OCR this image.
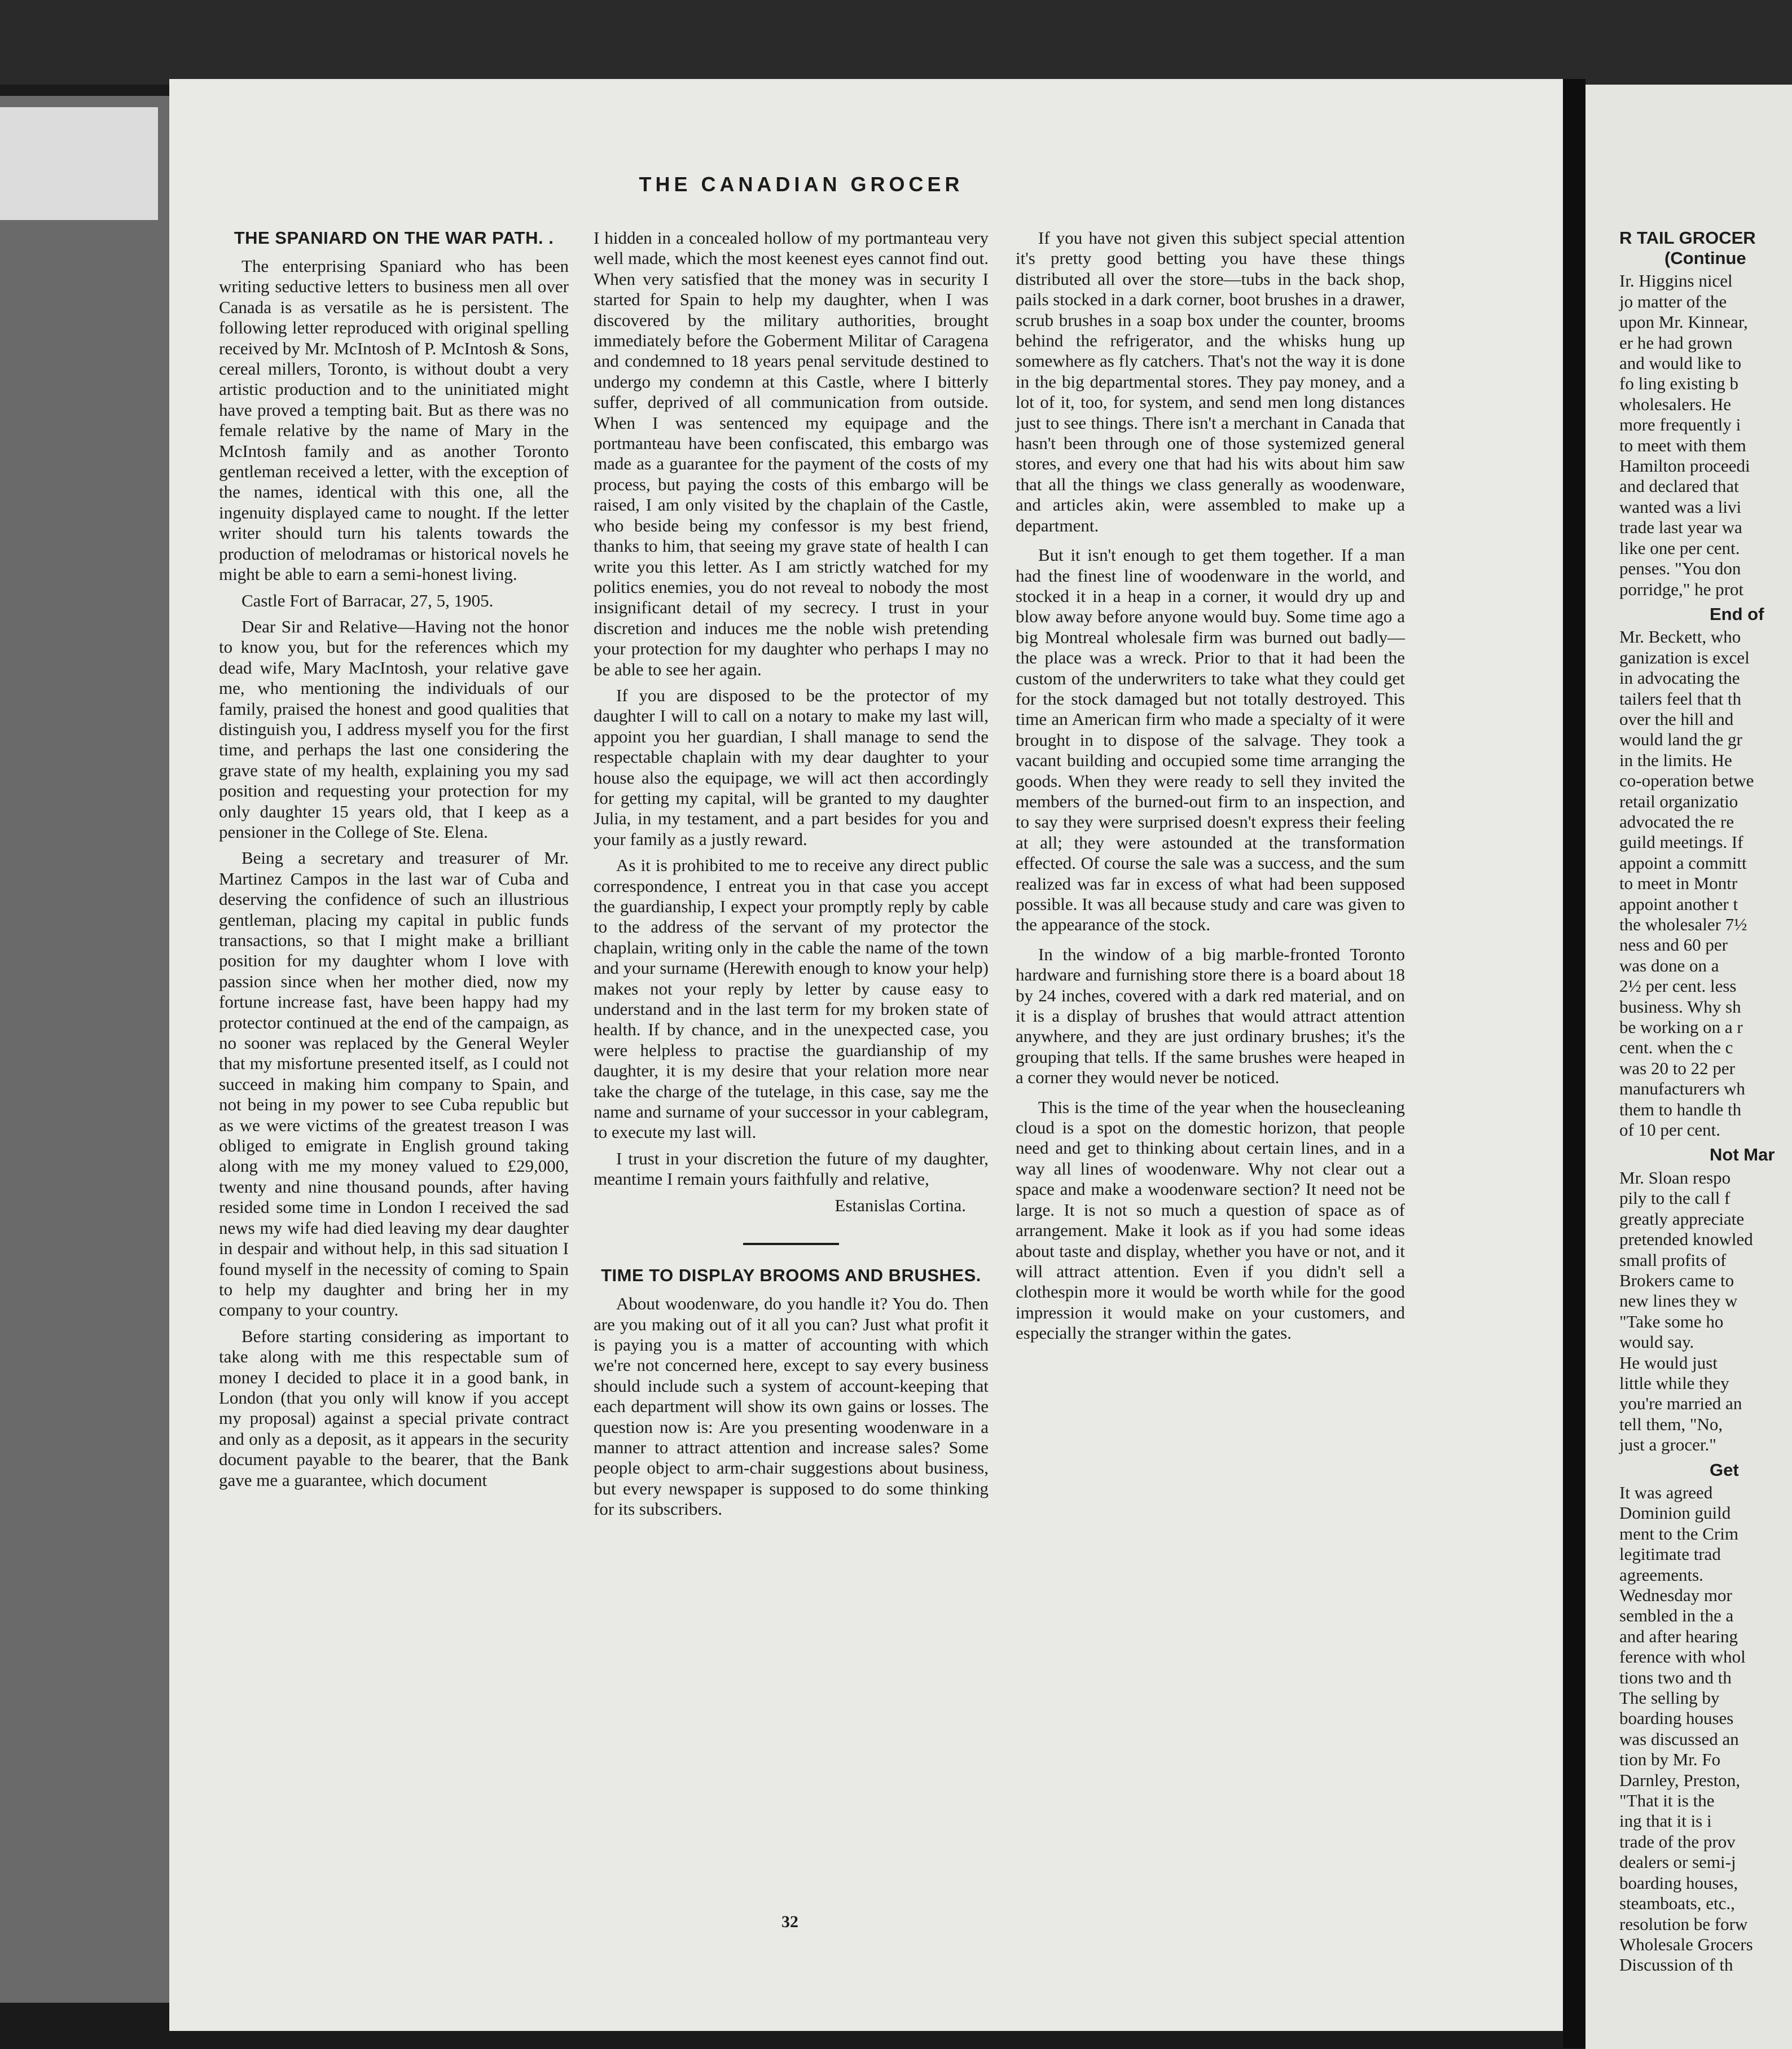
THE CANADIAN GROCER
THE SPANIARD ON THE WAR PATH. .

The enterprising Spaniard who has been writing seductive letters to business men all over Canada is as versatile as he is persistent. The following letter reproduced with original spelling received by Mr. McIntosh of P. McIntosh & Sons, cereal millers, Toronto, is without doubt a very artistic production and to the uninitiated might have proved a tempting bait. But as there was no female relative by the name of Mary in the McIntosh family and as another Toronto gentleman received a letter, with the exception of the names, identical with this one, all the ingenuity displayed came to nought. If the letter writer should turn his talents towards the production of melodramas or historical novels he might be able to earn a semi-honest living.

Castle Fort of Barracar, 27, 5, 1905.

Dear Sir and Relative—Having not the honor to know you, but for the references which my dead wife, Mary MacIntosh, your relative gave me, who mentioning the individuals of our family, praised the honest and good qualities that distinguish you, I address myself you for the first time, and perhaps the last one considering the grave state of my health, explaining you my sad position and requesting your protection for my only daughter 15 years old, that I keep as a pensioner in the College of Ste. Elena.

Being a secretary and treasurer of Mr. Martinez Campos in the last war of Cuba and deserving the confidence of such an illustrious gentleman, placing my capital in public funds transactions, so that I might make a brilliant position for my daughter whom I love with passion since when her mother died, now my fortune increase fast, have been happy had my protector continued at the end of the campaign, as no sooner was replaced by the General Weyler that my misfortune presented itself, as I could not succeed in making him company to Spain, and not being in my power to see Cuba republic but as we were victims of the greatest treason I was obliged to emigrate in English ground taking along with me my money valued to £29,000, twenty and nine thousand pounds, after having resided some time in London I received the sad news my wife had died leaving my dear daughter in despair and without help, in this sad situation I found myself in the necessity of coming to Spain to help my daughter and bring her in my company to your country.

Before starting considering as important to take along with me this respectable sum of money I decided to place it in a good bank, in London (that you only will know if you accept my proposal) against a special private contract and only as a deposit, as it appears in the security document payable to the bearer, that the Bank gave me a guarantee, which document

I hidden in a concealed hollow of my portmanteau very well made, which the most keenest eyes cannot find out. When very satisfied that the money was in security I started for Spain to help my daughter, when I was discovered by the military authorities, brought immediately before the Goberment Militar of Caragena and condemned to 18 years penal servitude destined to undergo my condemn at this Castle, where I bitterly suffer, deprived of all communication from outside. When I was sentenced my equipage and the portmanteau have been confiscated, this embargo was made as a guarantee for the payment of the costs of my process, but paying the costs of this embargo will be raised, I am only visited by the chaplain of the Castle, who beside being my confessor is my best friend, thanks to him, that seeing my grave state of health I can write you this letter. As I am strictly watched for my politics enemies, you do not reveal to nobody the most insignificant detail of my secrecy. I trust in your discretion and induces me the noble wish pretending your protection for my daughter who perhaps I may no be able to see her again.

If you are disposed to be the protector of my daughter I will to call on a notary to make my last will, appoint you her guardian, I shall manage to send the respectable chaplain with my dear daughter to your house also the equipage, we will act then accordingly for getting my capital, will be granted to my daughter Julia, in my testament, and a part besides for you and your family as a justly reward.

As it is prohibited to me to receive any direct public correspondence, I entreat you in that case you accept the guardianship, I expect your promptly reply by cable to the address of the servant of my protector the chaplain, writing only in the cable the name of the town and your surname (Herewith enough to know your help) makes not your reply by letter by cause easy to understand and in the last term for my broken state of health. If by chance, and in the unexpected case, you were helpless to practise the guardianship of my daughter, it is my desire that your relation more near take the charge of the tutelage, in this case, say me the name and surname of your successor in your cablegram, to execute my last will.

I trust in your discretion the future of my daughter, meantime I remain yours faithfully and relative,

Estanislas Cortina.

TIME TO DISPLAY BROOMS AND BRUSHES.

About woodenware, do you handle it? You do. Then are you making out of it all you can? Just what profit it is paying you is a matter of accounting with which we're not concerned here, except to say every business should include such a system of account-keeping that each department will show its own gains or losses. The question now is: Are you presenting woodenware in a manner to attract attention and increase sales? Some people object to arm-chair suggestions about business, but every newspaper is supposed to do some thinking for its subscribers.

If you have not given this subject special attention it's pretty good betting you have these things distributed all over the store—tubs in the back shop, pails stocked in a dark corner, boot brushes in a drawer, scrub brushes in a soap box under the counter, brooms behind the refrigerator, and the whisks hung up somewhere as fly catchers. That's not the way it is done in the big departmental stores. They pay money, and a lot of it, too, for system, and send men long distances just to see things. There isn't a merchant in Canada that hasn't been through one of those systemized general stores, and every one that had his wits about him saw that all the things we class generally as woodenware, and articles akin, were assembled to make up a department.

But it isn't enough to get them together. If a man had the finest line of woodenware in the world, and stocked it in a heap in a corner, it would dry up and blow away before anyone would buy. Some time ago a big Montreal wholesale firm was burned out badly—the place was a wreck. Prior to that it had been the custom of the underwriters to take what they could get for the stock damaged but not totally destroyed. This time an American firm who made a specialty of it were brought in to dispose of the salvage. They took a vacant building and occupied some time arranging the goods. When they were ready to sell they invited the members of the burned-out firm to an inspection, and to say they were surprised doesn't express their feeling at all; they were astounded at the transformation effected. Of course the sale was a success, and the sum realized was far in excess of what had been supposed possible. It was all because study and care was given to the appearance of the stock.

In the window of a big marble-fronted Toronto hardware and furnishing store there is a board about 18 by 24 inches, covered with a dark red material, and on it is a display of brushes that would attract attention anywhere, and they are just ordinary brushes; it's the grouping that tells. If the same brushes were heaped in a corner they would never be noticed.

This is the time of the year when the housecleaning cloud is a spot on the domestic horizon, that people need and get to thinking about certain lines, and in a way all lines of woodenware. Why not clear out a space and make a woodenware section? It need not be large. It is not so much a question of space as of arrangement. Make it look as if you had some ideas about taste and display, whether you have or not, and it will attract attention. Even if you didn't sell a clothespin more it would be worth while for the good impression it would make on your customers, and especially the stranger within the gates.

32
R TAIL GROCER
(Continue
Ir. Higgins nicel
jo matter of the
upon Mr. Kinnear,
er he had grown
and would like to
fo ling existing b
wholesalers. He
more frequently i
to meet with them
Hamilton proceedi
and declared that
wanted was a livi
trade last year wa
like one per cent.
penses. "You don
porridge," he prot
End of
Mr. Beckett, who
ganization is excel
in advocating the
tailers feel that th
over the hill and
would land the gr
in the limits. He
co-operation betwe
retail organizatio
advocated the re
guild meetings. If
appoint a committ
to meet in Montr
appoint another t
the wholesaler 7½
ness and 60 per
was done on a
2½ per cent. less
business. Why sh
be working on a r
cent. when the c
was 20 to 22 per
manufacturers wh
them to handle th
of 10 per cent.
Not Mar
Mr. Sloan respo
pily to the call f
greatly appreciate
pretended knowled
small profits of
Brokers came to
new lines they w
"Take some ho
would say.
He would just
little while they
you're married an
tell them, "No,
just a grocer."
Get
It was agreed
Dominion guild
ment to the Crim
legitimate trad
agreements.
Wednesday mor
sembled in the a
and after hearing
ference with whol
tions two and th
The selling by
boarding houses
was discussed an
tion by Mr. Fo
Darnley, Preston,
"That it is the
ing that it is i
trade of the prov
dealers or semi-j
boarding houses,
steamboats, etc.,
resolution be forw
Wholesale Grocers
Discussion of th
